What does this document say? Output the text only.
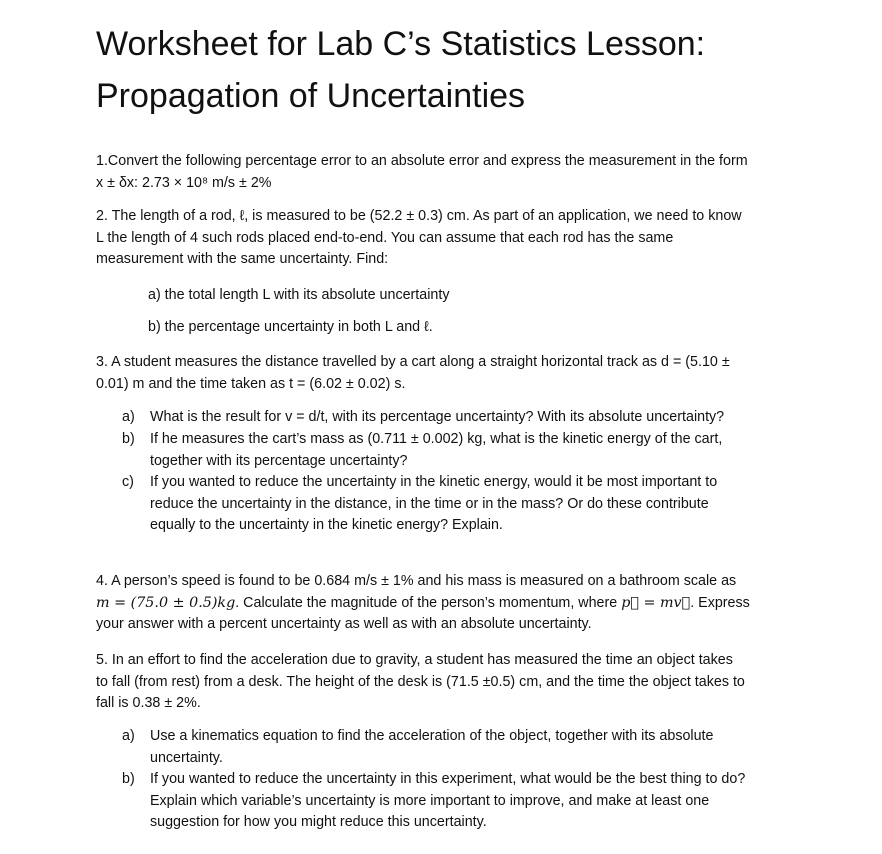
Worksheet for Lab C’s Statistics Lesson:
Propagation of Uncertainties
1.Convert the following percentage error to an absolute error and express the measurement in the form
x ± δx: 2.73 × 10⁸ m/s ± 2%
2. The length of a rod, ℓ, is measured to be (52.2 ± 0.3) cm. As part of an application, we need to know
L the length of 4 such rods placed end-to-end. You can assume that each rod has the same
measurement with the same uncertainty. Find:
a) the total length L with its absolute uncertainty
b) the percentage uncertainty in both L and ℓ.
3. A student measures the distance travelled by a cart along a straight horizontal track as d = (5.10 ±
0.01) m and the time taken as t = (6.02 ± 0.02) s.
a) What is the result for v = d/t, with its percentage uncertainty? With its absolute uncertainty?
b) If he measures the cart’s mass as (0.711 ± 0.002) kg, what is the kinetic energy of the cart,
together with its percentage uncertainty?
c) If you wanted to reduce the uncertainty in the kinetic energy, would it be most important to
reduce the uncertainty in the distance, in the time or in the mass? Or do these contribute
equally to the uncertainty in the kinetic energy? Explain.
4. A person’s speed is found to be 0.684 m/s ± 1% and his mass is measured on a bathroom scale as
m = (75.0 ± 0.5)kg. Calculate the magnitude of the person’s momentum, where p⃗ = mv⃗. Express
your answer with a percent uncertainty as well as with an absolute uncertainty.
5. In an effort to find the acceleration due to gravity, a student has measured the time an object takes
to fall (from rest) from a desk. The height of the desk is (71.5 ±0.5) cm, and the time the object takes to
fall is 0.38 ± 2%.
a) Use a kinematics equation to find the acceleration of the object, together with its absolute
uncertainty.
b) If you wanted to reduce the uncertainty in this experiment, what would be the best thing to do?
Explain which variable’s uncertainty is more important to improve, and make at least one
suggestion for how you might reduce this uncertainty.
